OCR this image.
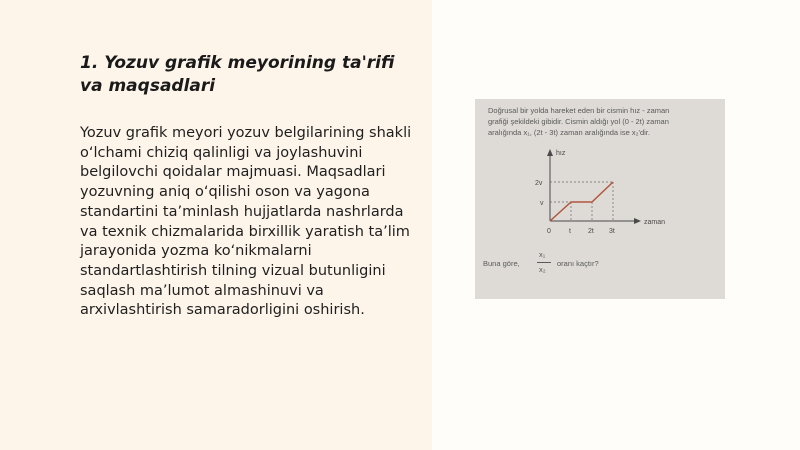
1. Yozuv grafik meyorining ta'rifi va maqsadlari

Yozuv grafik meyori yozuv belgilarining shakli o‘lchami chiziq qalinligi va joylashuvini belgilovchi qoidalar majmuasi. Maqsadlari yozuvning aniq o‘qilishi oson va yagona standartini ta’minlash hujjatlarda nashrlarda va texnik chizmalarida birxillik yaratish ta’lim jarayonida yozma ko‘nikmalarni standartlashtirish tilning vizual butunligini saqlash ma’lumot almashinuvi va arxivlashtirish samaradorligini oshirish.

Doğrusal bir yolda hareket eden bir cismin hız - zaman
grafiği şekildeki gibidir. Cismin aldığı yol (0 - 2t) zaman
aralığında x₁, (2t - 3t) zaman aralığında ise x₂'dir.
hız
2v
v
zaman
0	t 2t 3t
Buna göre,
x₁
x₂
oranı kaçtır?
